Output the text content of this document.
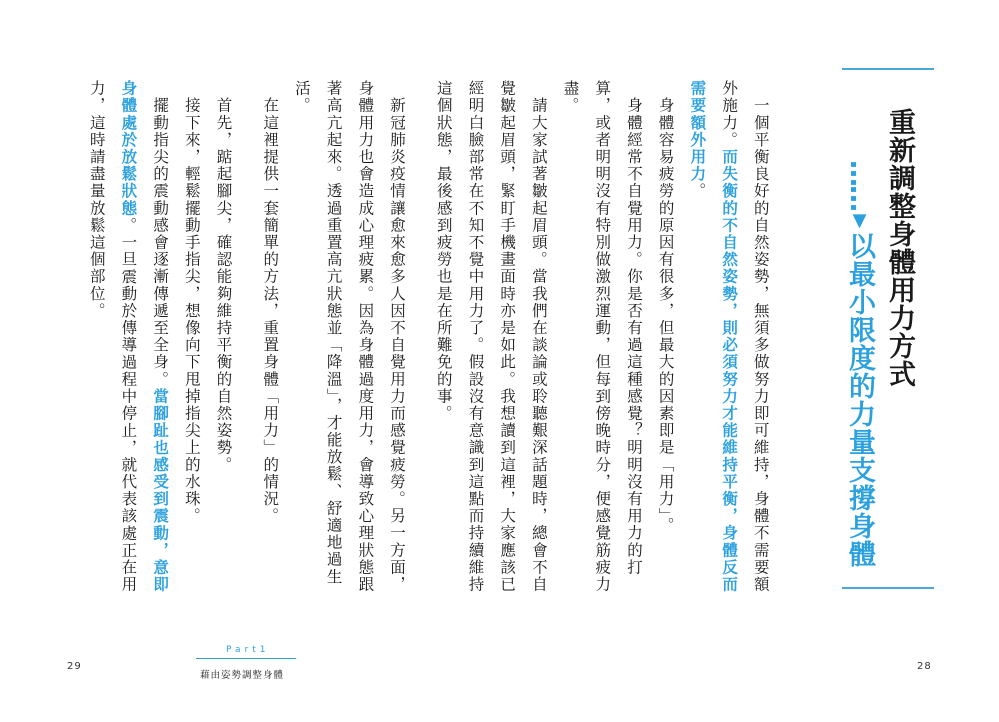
重新調整身體用力方式
……▼以最小限度的力量支撐身體

　一個平衡良好的自然姿勢，無須多做努力即可維持，身體不需要額外施力。而失衡的不自然姿勢，則必須努力才能維持平衡，身體反而需要額外用力。

　身體容易疲勞的原因有很多，但最大的因素即是「用力」。

　身體經常不自覺用力。你是否有過這種感覺？明明沒有用力的打算，或者明明沒有特別做激烈運動，但每到傍晚時分，便感覺筋疲力盡。

　請大家試著皺起眉頭。當我們在談論或聆聽艱深話題時，總會不自覺皺起眉頭，緊盯手機畫面時亦是如此。我想讀到這裡，大家應該已經明白臉部常在不知不覺中用力了。假設沒有意識到這點而持續維持這個狀態，最後感到疲勞也是在所難免的事。

　新冠肺炎疫情讓愈來愈多人因不自覺用力而感覺疲勞。另一方面，身體用力也會造成心理疲累。因為身體過度用力，會導致心理狀態跟著高亢起來。透過重置高亢狀態並「降溫」，才能放鬆、舒適地過生活。

　在這裡提供一套簡單的方法，重置身體「用力」的情況。

　首先，踮起腳尖，確認能夠維持平衡的自然姿勢。

　接下來，輕鬆擺動手指尖，想像向下甩掉指尖上的水珠。

　擺動指尖的震動感會逐漸傳遞至全身。當腳趾也感受到震動，意即身體處於放鬆狀態。一旦震動於傳導過程中停止，就代表該處正在用力，這時請盡量放鬆這個部位。

29
Part1
藉由姿勢調整身體
28
